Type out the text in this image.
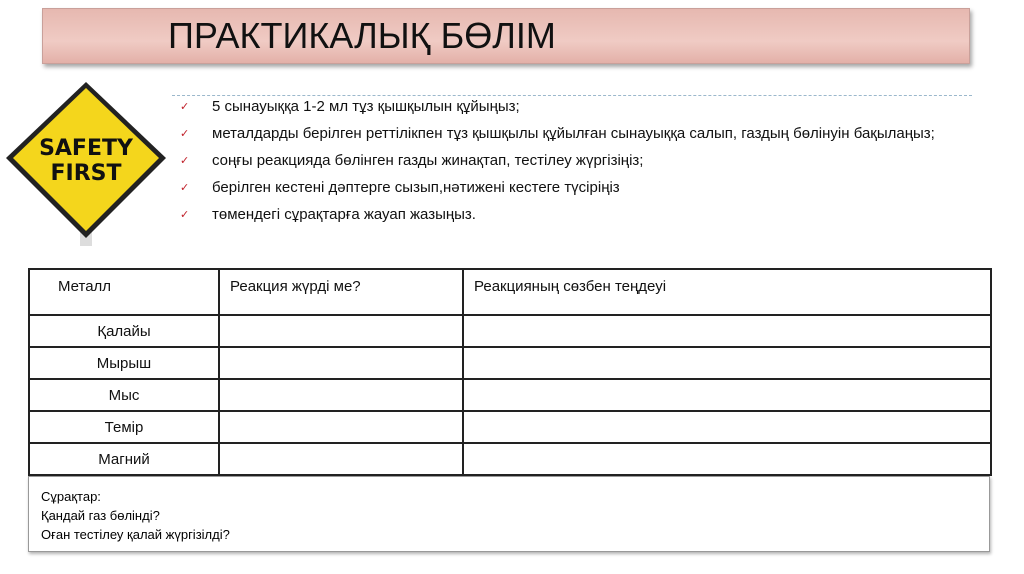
ПРАКТИКАЛЫҚ БӨЛІМ
SAFETY
FIRST
✓ 5 сынауыққа 1-2 мл тұз қышқылын құйыңыз;
✓ металдарды берілген реттілікпен тұз қышқылы құйылған сынауыққа салып, газдың бөлінуін бақылаңыз;
✓ соңғы реакцияда бөлінген газды жинақтап, тестілеу жүргізіңіз;
✓ берілген кестені дәптерге сызып,нәтижені кестеге түсіріңіз
✓ төмендегі сұрақтарға жауап жазыңыз.
Металл	Реакция жүрді ме?	Реакцияның сөзбен теңдеуі
Қалайы		
Мырыш		
Мыс		
Темір		
Магний		
Сұрақтар:
Қандай газ бөлінді?
Оған тестілеу қалай жүргізілді?
